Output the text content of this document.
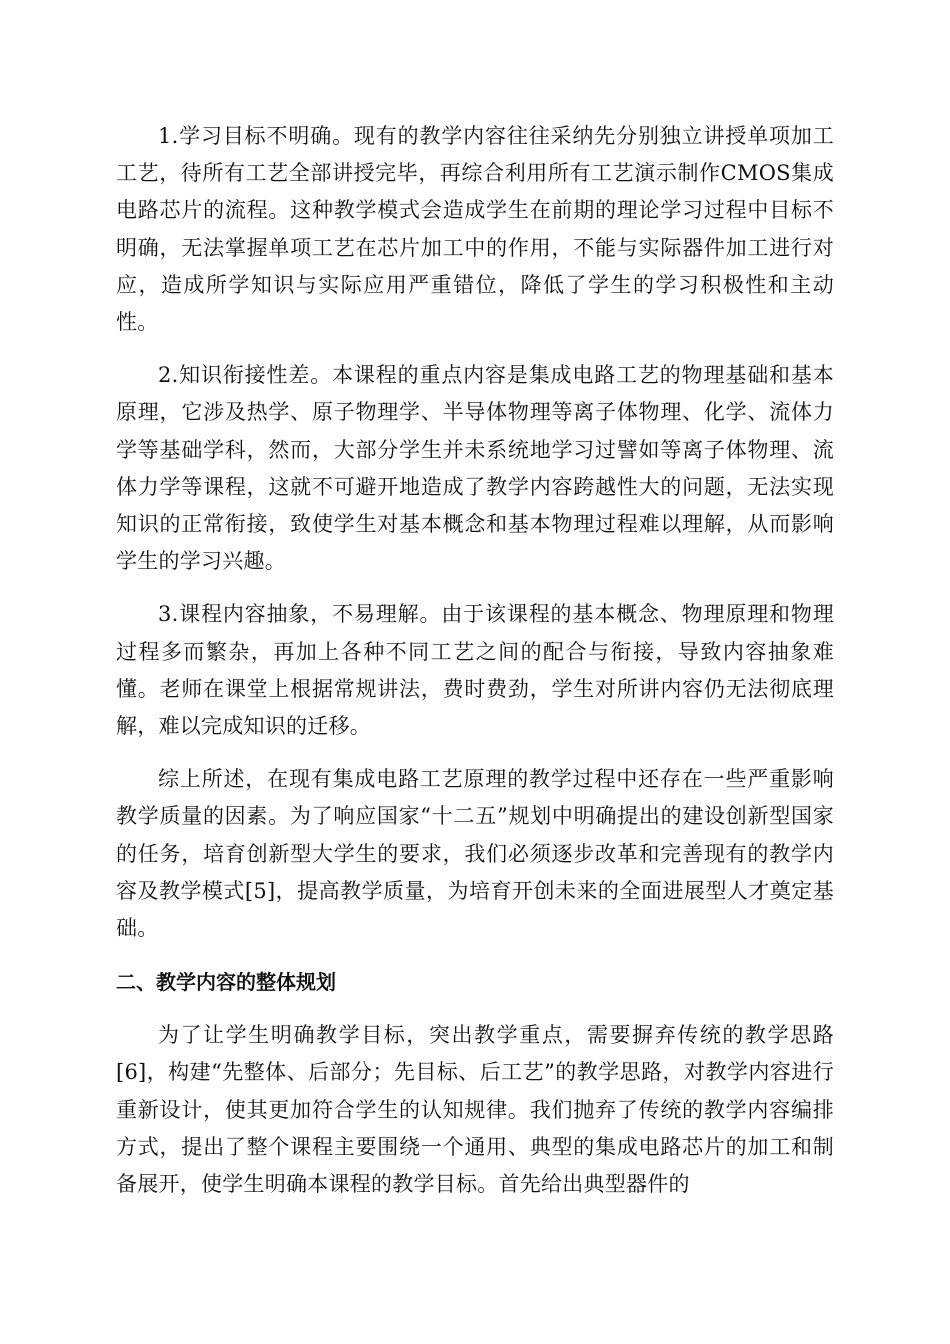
1.学习目标不明确。现有的教学内容往往采纳先分别独立讲授单项加工工艺，待所有工艺全部讲授完毕，再综合利用所有工艺演示制作CMOS集成电路芯片的流程。这种教学模式会造成学生在前期的理论学习过程中目标不明确，无法掌握单项工艺在芯片加工中的作用，不能与实际器件加工进行对应，造成所学知识与实际应用严重错位，降低了学生的学习积极性和主动性。

2.知识衔接性差。本课程的重点内容是集成电路工艺的物理基础和基本原理，它涉及热学、原子物理学、半导体物理等离子体物理、化学、流体力学等基础学科，然而，大部分学生并未系统地学习过譬如等离子体物理、流体力学等课程，这就不可避开地造成了教学内容跨越性大的问题，无法实现知识的正常衔接，致使学生对基本概念和基本物理过程难以理解，从而影响学生的学习兴趣。

3.课程内容抽象，不易理解。由于该课程的基本概念、物理原理和物理过程多而繁杂，再加上各种不同工艺之间的配合与衔接，导致内容抽象难懂。老师在课堂上根据常规讲法，费时费劲，学生对所讲内容仍无法彻底理解，难以完成知识的迁移。

综上所述，在现有集成电路工艺原理的教学过程中还存在一些严重影响教学质量的因素。为了响应国家“十二五”规划中明确提出的建设创新型国家的任务，培育创新型大学生的要求，我们必须逐步改革和完善现有的教学内容及教学模式[5]，提高教学质量，为培育开创未来的全面进展型人才奠定基础。

二、教学内容的整体规划

为了让学生明确教学目标，突出教学重点，需要摒弃传统的教学思路[6]，构建“先整体、后部分；先目标、后工艺”的教学思路，对教学内容进行重新设计，使其更加符合学生的认知规律。我们抛弃了传统的教学内容编排方式，提出了整个课程主要围绕一个通用、典型的集成电路芯片的加工和制备展开，使学生明确本课程的教学目标。首先给出典型器件的
